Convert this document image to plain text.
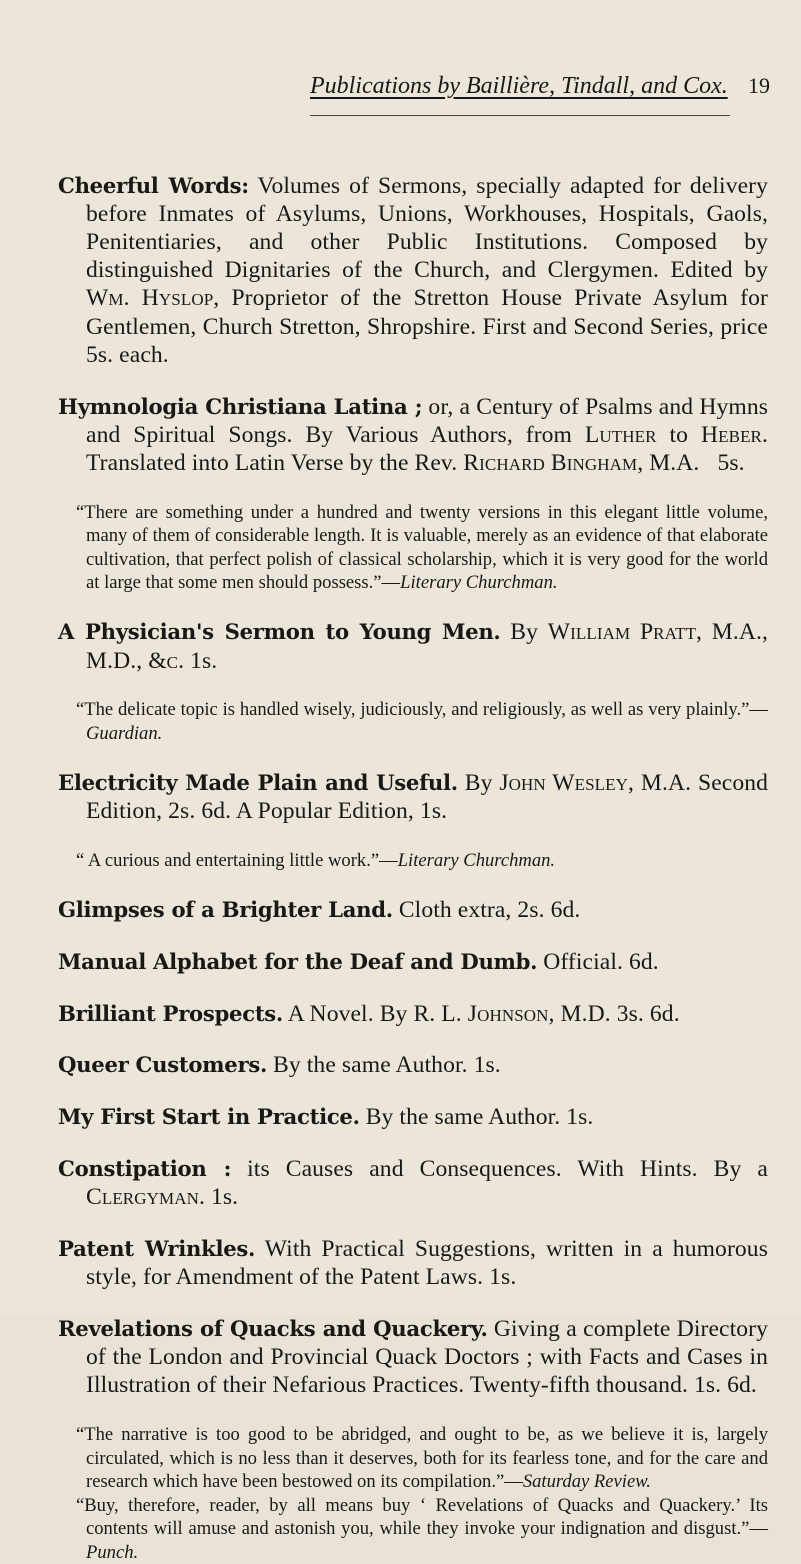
Publications by Baillière, Tindall, and Cox. 19

Cheerful Words: Volumes of Sermons, specially adapted for delivery before Inmates of Asylums, Unions, Workhouses, Hospitals, Gaols, Penitentiaries, and other Public Institutions. Composed by distinguished Dignitaries of the Church, and Clergymen. Edited by Wm. Hyslop, Proprietor of the Stretton House Private Asylum for Gentlemen, Church Stretton, Shropshire. First and Second Series, price 5s. each.

Hymnologia Christiana Latina ; or, a Century of Psalms and Hymns and Spiritual Songs. By Various Authors, from Luther to Heber. Translated into Latin Verse by the Rev. Richard Bingham, M.A. 5s.

“There are something under a hundred and twenty versions in this elegant little volume, many of them of considerable length. It is valuable, merely as an evidence of that elaborate cultivation, that perfect polish of classical scholarship, which it is very good for the world at large that some men should possess.”—Literary Churchman.

A Physician's Sermon to Young Men. By William Pratt, M.A., M.D., &c. 1s.

“The delicate topic is handled wisely, judiciously, and religiously, as well as very plainly.”—Guardian.

Electricity Made Plain and Useful. By John Wesley, M.A. Second Edition, 2s. 6d. A Popular Edition, 1s.

“ A curious and entertaining little work.”—Literary Churchman.

Glimpses of a Brighter Land. Cloth extra, 2s. 6d.

Manual Alphabet for the Deaf and Dumb. Official. 6d.

Brilliant Prospects. A Novel. By R. L. Johnson, M.D. 3s. 6d.

Queer Customers. By the same Author. 1s.

My First Start in Practice. By the same Author. 1s.

Constipation : its Causes and Consequences. With Hints. By a Clergyman. 1s.

Patent Wrinkles. With Practical Suggestions, written in a humorous style, for Amendment of the Patent Laws. 1s.

Revelations of Quacks and Quackery. Giving a complete Directory of the London and Provincial Quack Doctors ; with Facts and Cases in Illustration of their Nefarious Practices. Twenty-fifth thousand. 1s. 6d.

“The narrative is too good to be abridged, and ought to be, as we believe it is, largely circulated, which is no less than it deserves, both for its fearless tone, and for the care and research which have been bestowed on its compilation.”—Saturday Review.

“Buy, therefore, reader, by all means buy ‘ Revelations of Quacks and Quackery.’ Its contents will amuse and astonish you, while they invoke your indignation and disgust.”—Punch.
